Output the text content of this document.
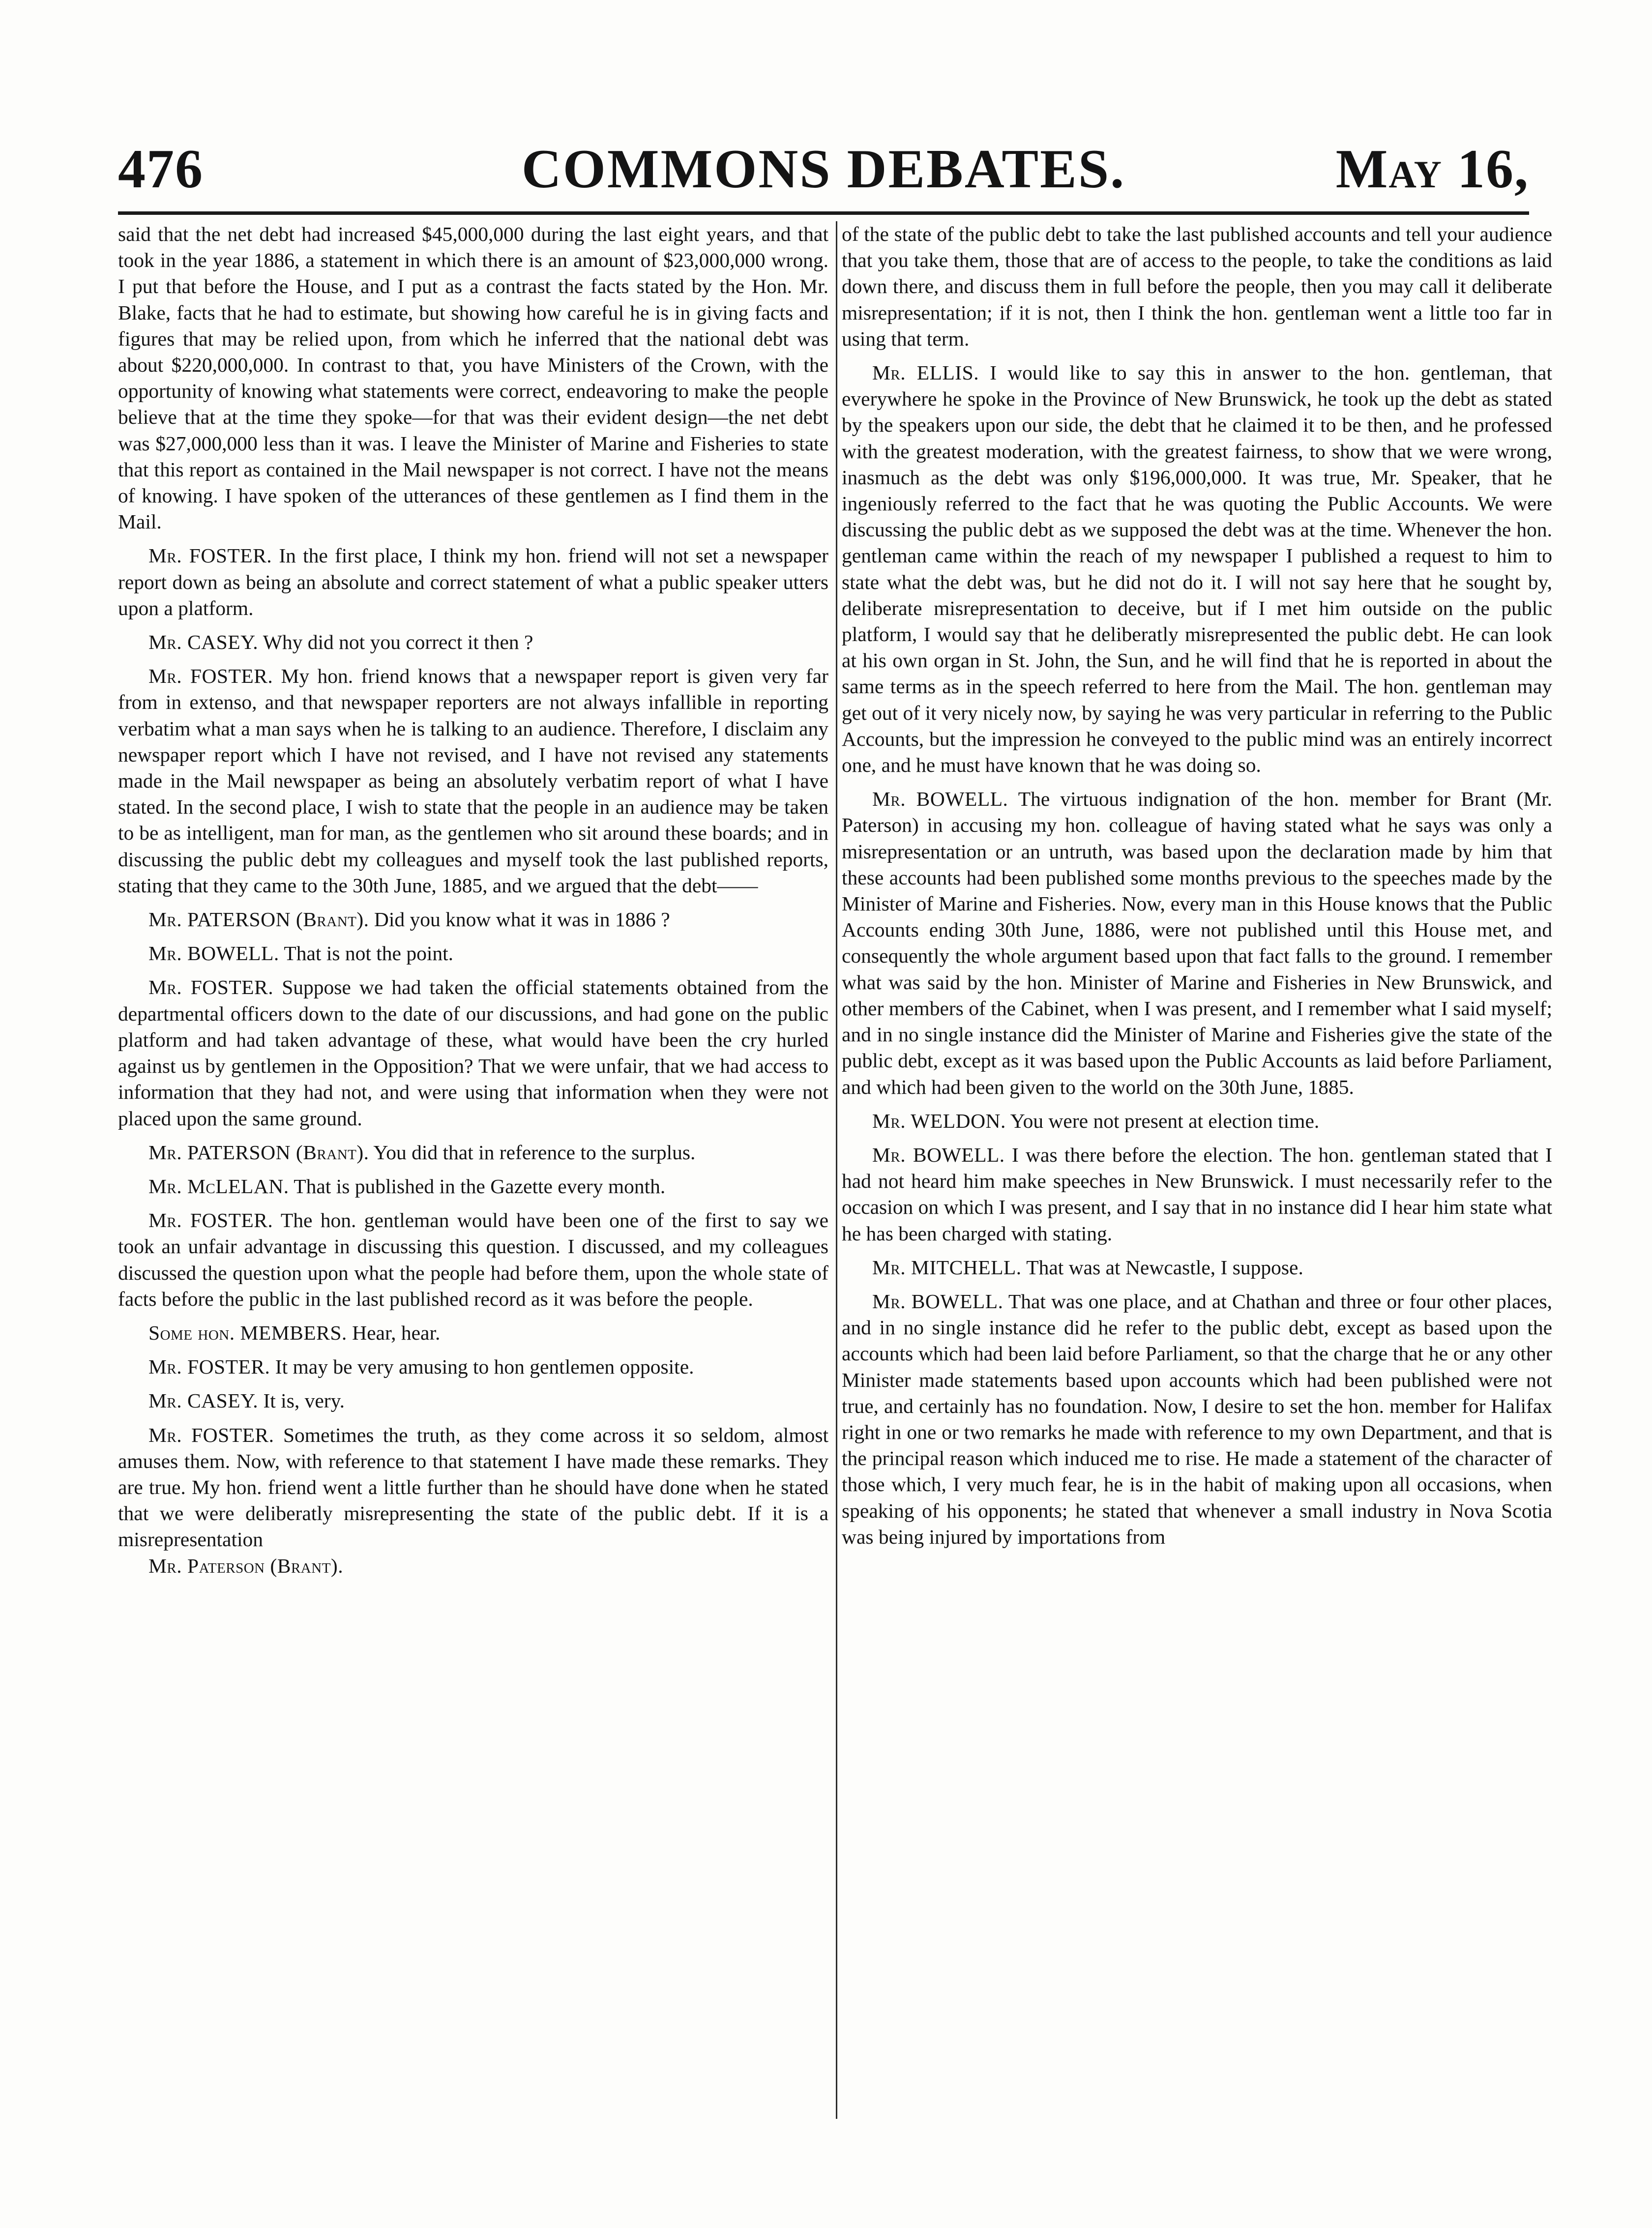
476	COMMONS DEBATES.	May 16,

said that the net debt had increased $45,000,000 during the last eight years, and that took in the year 1886, a statement in which there is an amount of $23,000,000 wrong. I put that before the House, and I put as a contrast the facts stated by the Hon. Mr. Blake, facts that he had to estimate, but showing how careful he is in giving facts and figures that may be relied upon, from which he inferred that the national debt was about $220,000,000. In contrast to that, you have Ministers of the Crown, with the opportunity of knowing what statements were correct, endeavoring to make the people believe that at the time they spoke—for that was their evident design—the net debt was $27,000,000 less than it was. I leave the Minister of Marine and Fisheries to state that this report as contained in the Mail newspaper is not correct. I have not the means of knowing. I have spoken of the utterances of these gentlemen as I find them in the Mail.

Mr. FOSTER. In the first place, I think my hon. friend will not set a newspaper report down as being an absolute and correct statement of what a public speaker utters upon a platform.

Mr. CASEY. Why did not you correct it then ?

Mr. FOSTER. My hon. friend knows that a newspaper report is given very far from in extenso, and that newspaper reporters are not always infallible in reporting verbatim what a man says when he is talking to an audience. Therefore, I disclaim any newspaper report which I have not revised, and I have not revised any statements made in the Mail newspaper as being an absolutely verbatim report of what I have stated. In the second place, I wish to state that the people in an audience may be taken to be as intelligent, man for man, as the gentlemen who sit around these boards; and in discussing the public debt my colleagues and myself took the last published reports, stating that they came to the 30th June, 1885, and we argued that the debt——

Mr. PATERSON (Brant). Did you know what it was in 1886 ?

Mr. BOWELL. That is not the point.

Mr. FOSTER. Suppose we had taken the official statements obtained from the departmental officers down to the date of our discussions, and had gone on the public platform and had taken advantage of these, what would have been the cry hurled against us by gentlemen in the Opposition? That we were unfair, that we had access to information that they had not, and were using that information when they were not placed upon the same ground.

Mr. PATERSON (Brant). You did that in reference to the surplus.

Mr. McLELAN. That is published in the Gazette every month.

Mr. FOSTER. The hon. gentleman would have been one of the first to say we took an unfair advantage in discussing this question. I discussed, and my colleagues discussed the question upon what the people had before them, upon the whole state of facts before the public in the last published record as it was before the people.

Some hon. MEMBERS. Hear, hear.

Mr. FOSTER. It may be very amusing to hon gentlemen opposite.

Mr. CASEY. It is, very.

Mr. FOSTER. Sometimes the truth, as they come across it so seldom, almost amuses them. Now, with reference to that statement I have made these remarks. They are true. My hon. friend went a little further than he should have done when he stated that we were deliberatly misrepresenting the state of the public debt. If it is a misrepresentation

Mr. Paterson (Brant).

of the state of the public debt to take the last published accounts and tell your audience that you take them, those that are of access to the people, to take the conditions as laid down there, and discuss them in full before the people, then you may call it deliberate misrepresentation; if it is not, then I think the hon. gentleman went a little too far in using that term.

Mr. ELLIS. I would like to say this in answer to the hon. gentleman, that everywhere he spoke in the Province of New Brunswick, he took up the debt as stated by the speakers upon our side, the debt that he claimed it to be then, and he professed with the greatest moderation, with the greatest fairness, to show that we were wrong, inasmuch as the debt was only $196,000,000. It was true, Mr. Speaker, that he ingeniously referred to the fact that he was quoting the Public Accounts. We were discussing the public debt as we supposed the debt was at the time. Whenever the hon. gentleman came within the reach of my newspaper I published a request to him to state what the debt was, but he did not do it. I will not say here that he sought by, deliberate misrepresentation to deceive, but if I met him outside on the public platform, I would say that he deliberatly misrepresented the public debt. He can look at his own organ in St. John, the Sun, and he will find that he is reported in about the same terms as in the speech referred to here from the Mail. The hon. gentleman may get out of it very nicely now, by saying he was very particular in referring to the Public Accounts, but the impression he conveyed to the public mind was an entirely incorrect one, and he must have known that he was doing so.

Mr. BOWELL. The virtuous indignation of the hon. member for Brant (Mr. Paterson) in accusing my hon. colleague of having stated what he says was only a misrepresentation or an untruth, was based upon the declaration made by him that these accounts had been published some months previous to the speeches made by the Minister of Marine and Fisheries. Now, every man in this House knows that the Public Accounts ending 30th June, 1886, were not published until this House met, and consequently the whole argument based upon that fact falls to the ground. I remember what was said by the hon. Minister of Marine and Fisheries in New Brunswick, and other members of the Cabinet, when I was present, and I remember what I said myself; and in no single instance did the Minister of Marine and Fisheries give the state of the public debt, except as it was based upon the Public Accounts as laid before Parliament, and which had been given to the world on the 30th June, 1885.

Mr. WELDON. You were not present at election time.

Mr. BOWELL. I was there before the election. The hon. gentleman stated that I had not heard him make speeches in New Brunswick. I must necessarily refer to the occasion on which I was present, and I say that in no instance did I hear him state what he has been charged with stating.

Mr. MITCHELL. That was at Newcastle, I suppose.

Mr. BOWELL. That was one place, and at Chathan and three or four other places, and in no single instance did he refer to the public debt, except as based upon the accounts which had been laid before Parliament, so that the charge that he or any other Minister made statements based upon accounts which had been published were not true, and certainly has no foundation. Now, I desire to set the hon. member for Halifax right in one or two remarks he made with reference to my own Department, and that is the principal reason which induced me to rise. He made a statement of the character of those which, I very much fear, he is in the habit of making upon all occasions, when speaking of his opponents; he stated that whenever a small industry in Nova Scotia was being injured by importations from
